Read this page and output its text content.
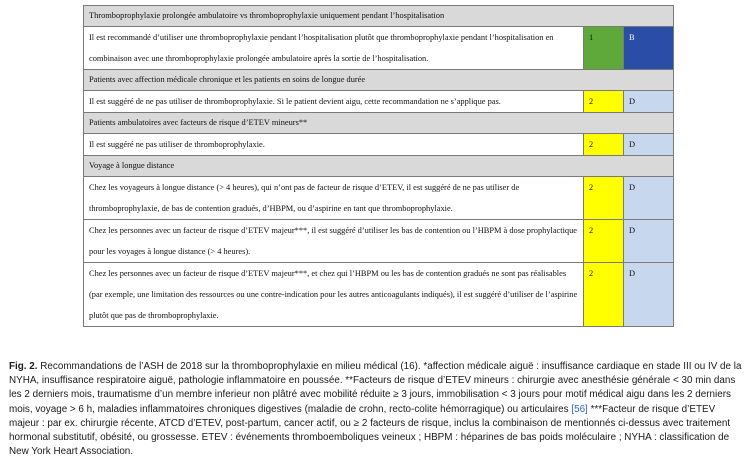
Thromboprophylaxie prolongée ambulatoire vs thromboprophylaxie uniquement pendant l’hospitalisation		
Il est recommandé d’utiliser une thromboprophylaxie pendant l’hospitalisation plutôt que thromboprophylaxie pendant l’hospitalisation en combinaison avec une thromboprophylaxie prolongée ambulatoire après la sortie de l’hospitalisation.	1	B
Patients avec affection médicale chronique et les patients en soins de longue durée		
Il est suggéré de ne pas utiliser de thromboprophylaxie. Si le patient devient aigu, cette recommandation ne s’applique pas.	2	D
Patients ambulatoires avec facteurs de risque d’ETEV mineurs**		
Il est suggéré ne pas utiliser de thromboprophylaxie.	2	D
Voyage à longue distance		
Chez les voyageurs à longue distance (> 4 heures), qui n’ont pas de facteur de risque d’ETEV, il est suggéré de ne pas utiliser de thromboprophylaxie, de bas de contention gradués, d’HBPM, ou d’aspirine en tant que thromboprophylaxie.	2	D
Chez les personnes avec un facteur de risque d’ETEV majeur***, il est suggéré d’utiliser les bas de contention ou l’HBPM à dose prophylactique pour les voyages à longue distance (> 4 heures).	2	D
Chez les personnes avec un facteur de risque d’ETEV majeur***, et chez qui l’HBPM ou les bas de contention gradués ne sont pas réalisables (par exemple, une limitation des ressources ou une contre-indication pour les autres anticoagulants indiqués), il est suggéré d’utiliser de l’aspirine plutôt que pas de thromboprophylaxie.	2	D
Fig. 2. Recommandations de l’ASH de 2018 sur la thromboprophylaxie en milieu médical (16). *affection médicale aiguë : insuffisance cardiaque en stade III ou IV de la NYHA, insuffisance respiratoire aiguë, pathologie inflammatoire en poussée. **Facteurs de risque d’ETEV mineurs : chirurgie avec anesthésie générale < 30 min dans les 2 derniers mois, traumatisme d’un membre inferieur non plâtré avec mobilité réduite ≥ 3 jours, immobilisation < 3 jours pour motif médical aigu dans les 2 derniers mois, voyage > 6 h, maladies inflammatoires chroniques digestives (maladie de crohn, recto-colite hémorragique) ou articulaires [56] ***Facteur de risque d’ETEV majeur : par ex. chirurgie récente, ATCD d’ETEV, post-partum, cancer actif, ou ≥ 2 facteurs de risque, inclus la combinaison de mentionnés ci-dessus avec traitement hormonal substitutif, obésité, ou grossesse. ETEV : événements thromboemboliques veineux ; HBPM : héparines de bas poids moléculaire ; NYHA : classification de New York Heart Association.
